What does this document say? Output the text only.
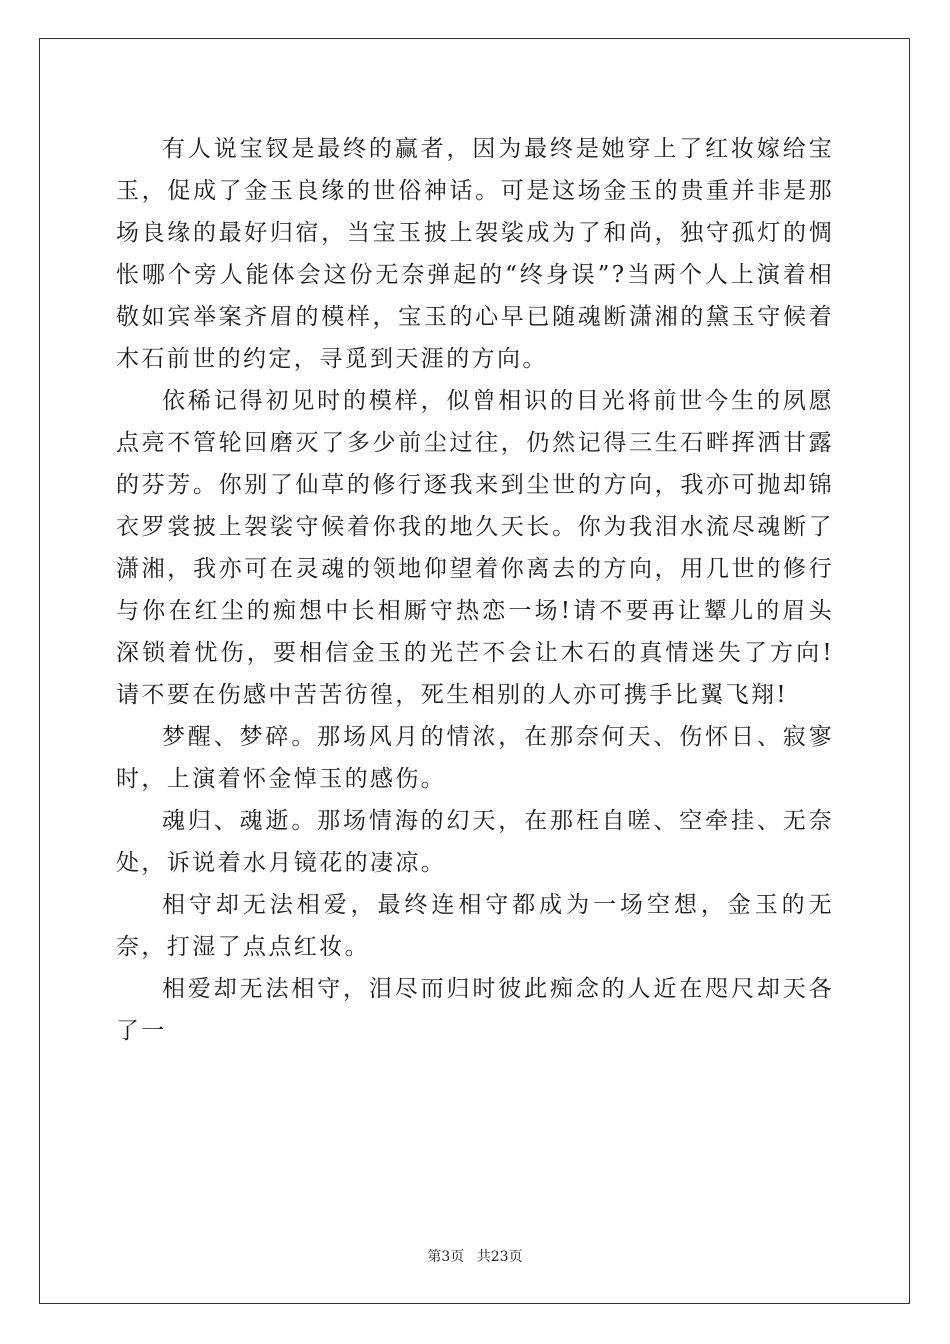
有人说宝钗是最终的赢者，因为最终是她穿上了红妆嫁给宝玉，促成了金玉良缘的世俗神话。可是这场金玉的贵重并非是那场良缘的最好归宿，当宝玉披上袈裟成为了和尚，独守孤灯的惆怅哪个旁人能体会这份无奈弹起的“终身误”?当两个人上演着相敬如宾举案齐眉的模样，宝玉的心早已随魂断潇湘的黛玉守候着木石前世的约定，寻觅到天涯的方向。

依稀记得初见时的模样，似曾相识的目光将前世今生的夙愿点亮不管轮回磨灭了多少前尘过往，仍然记得三生石畔挥洒甘露的芬芳。你别了仙草的修行逐我来到尘世的方向，我亦可抛却锦衣罗裳披上袈裟守候着你我的地久天长。你为我泪水流尽魂断了潇湘，我亦可在灵魂的领地仰望着你离去的方向，用几世的修行与你在红尘的痴想中长相厮守热恋一场!请不要再让颦儿的眉头深锁着忧伤，要相信金玉的光芒不会让木石的真情迷失了方向!请不要在伤感中苦苦彷徨，死生相别的人亦可携手比翼飞翔!

梦醒、梦碎。那场风月的情浓，在那奈何天、伤怀日、寂寥时，上演着怀金悼玉的感伤。

魂归、魂逝。那场情海的幻天，在那枉自嗟、空牵挂、无奈处，诉说着水月镜花的凄凉。

相守却无法相爱，最终连相守都成为一场空想，金玉的无奈，打湿了点点红妆。

相爱却无法相守，泪尽而归时彼此痴念的人近在咫尺却天各了一

第3页 共23页
